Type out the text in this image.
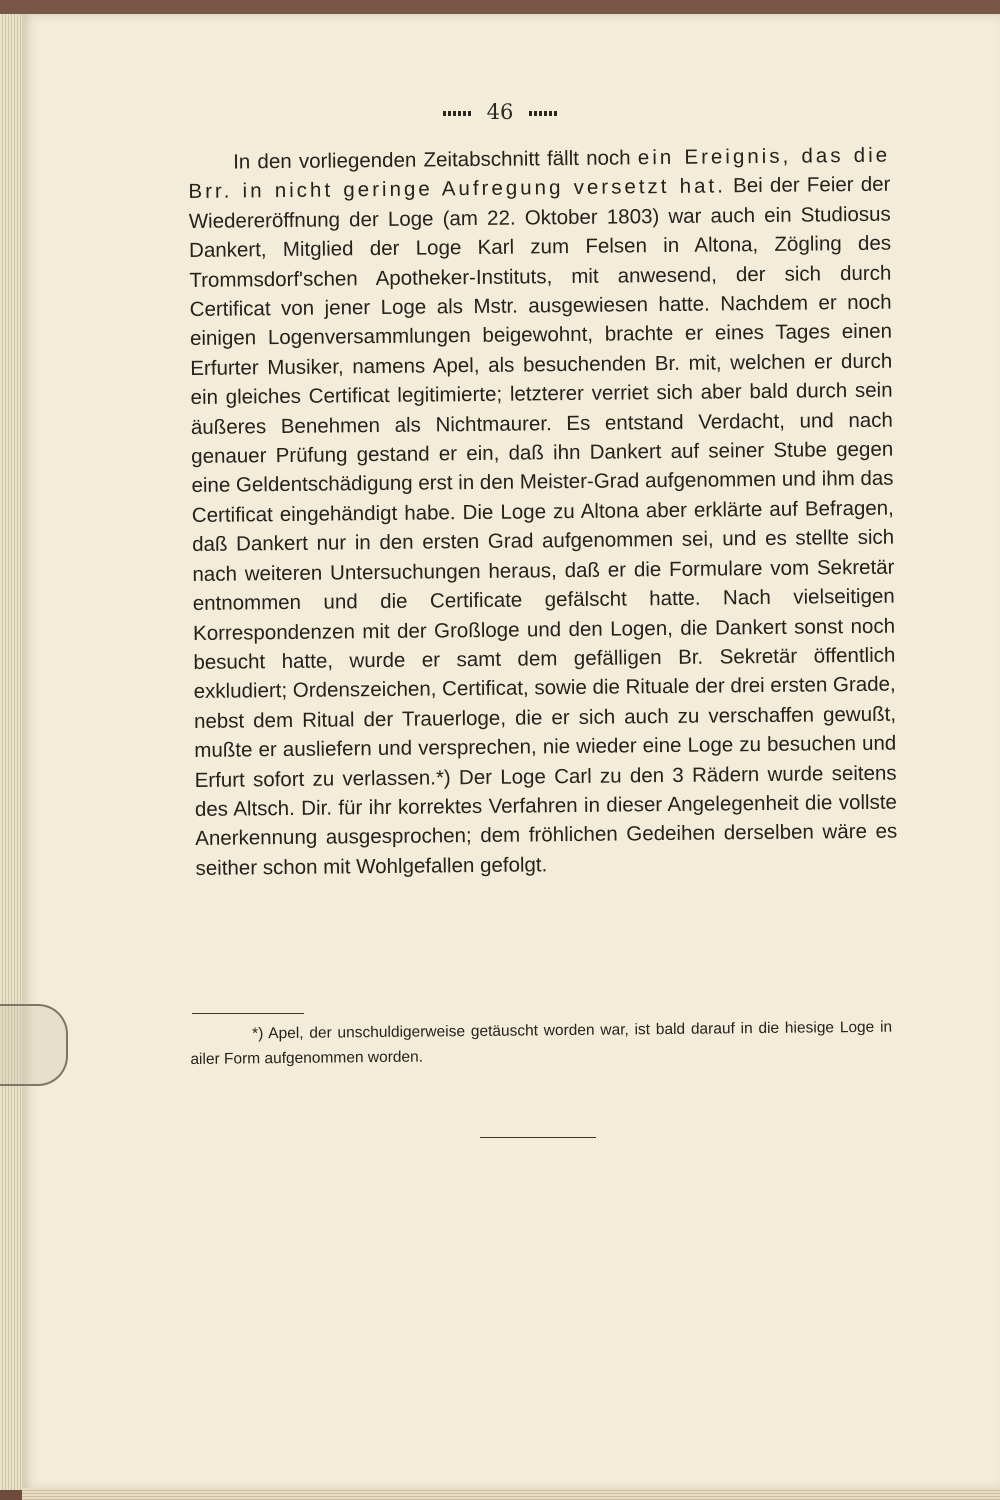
46

In den vorliegenden Zeitabschnitt fällt noch ein Ereignis, das die Brr. in nicht geringe Aufregung versetzt hat. Bei der Feier der Wiedereröffnung der Loge (am 22. Oktober 1803) war auch ein Studiosus Dankert, Mitglied der Loge Karl zum Felsen in Altona, Zögling des Trommsdorf'schen Apotheker-Instituts, mit anwesend, der sich durch Certificat von jener Loge als Mstr. ausgewiesen hatte. Nachdem er noch einigen Logenversammlungen beigewohnt, brachte er eines Tages einen Erfurter Musiker, namens Apel, als besuchenden Br. mit, welchen er durch ein gleiches Certificat legitimierte; letzterer verriet sich aber bald durch sein äußeres Benehmen als Nichtmaurer. Es entstand Verdacht, und nach genauer Prüfung gestand er ein, daß ihn Dankert auf seiner Stube gegen eine Geldentschädigung erst in den Meister-Grad aufgenommen und ihm das Certificat eingehändigt habe. Die Loge zu Altona aber erklärte auf Befragen, daß Dankert nur in den ersten Grad aufgenommen sei, und es stellte sich nach weiteren Untersuchungen heraus, daß er die Formulare vom Sekretär entnommen und die Certificate gefälscht hatte. Nach vielseitigen Korrespondenzen mit der Großloge und den Logen, die Dankert sonst noch besucht hatte, wurde er samt dem gefälligen Br. Sekretär öffentlich exkludiert; Ordenszeichen, Certificat, sowie die Rituale der drei ersten Grade, nebst dem Ritual der Trauerloge, die er sich auch zu verschaffen gewußt, mußte er ausliefern und versprechen, nie wieder eine Loge zu besuchen und Erfurt sofort zu verlassen.*) Der Loge Carl zu den 3 Rädern wurde seitens des Altsch. Dir. für ihr korrektes Verfahren in dieser Angelegenheit die vollste Anerkennung ausgesprochen; dem fröhlichen Gedeihen derselben wäre es seither schon mit Wohlgefallen gefolgt.

*) Apel, der unschuldigerweise getäuscht worden war, ist bald darauf in die hiesige Loge in ailer Form aufgenommen worden.
